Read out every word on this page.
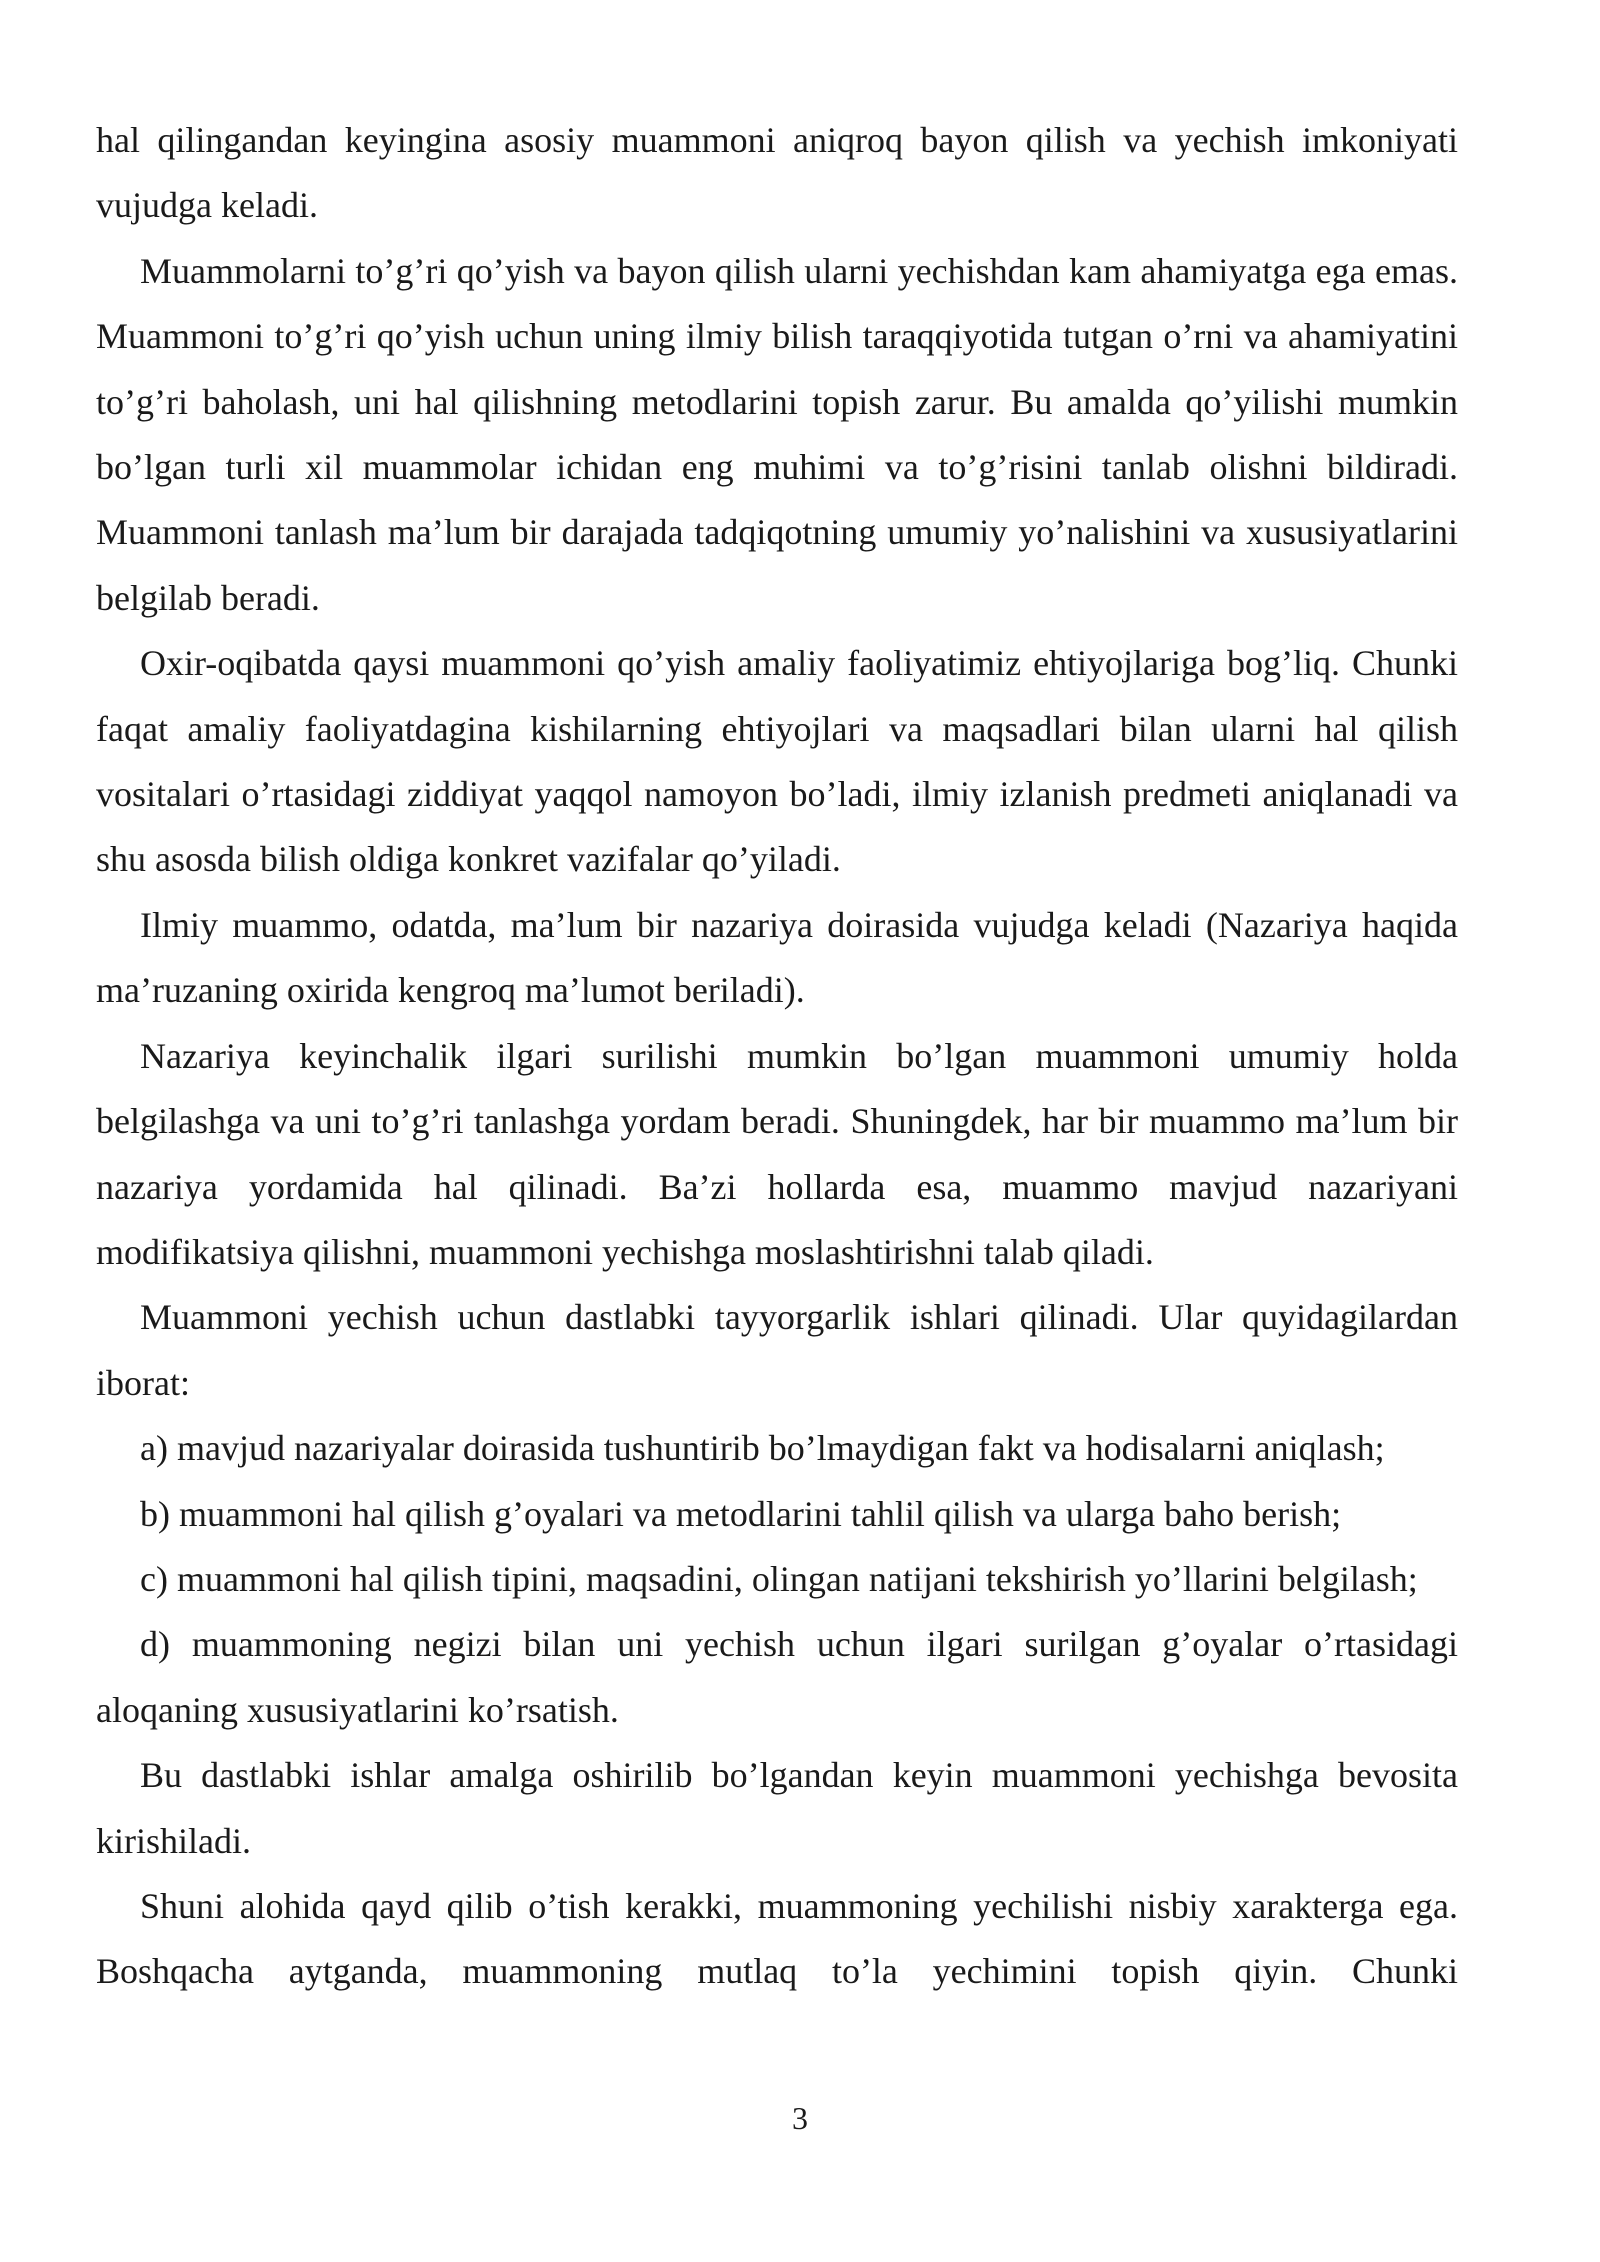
hal qilingandan keyingina asosiy muammoni aniqroq bayon qilish va yechish imkoniyati vujudga keladi.

Muammolarni to’g’ri qo’yish va bayon qilish ularni yechishdan kam ahamiyatga ega emas. Muammoni to’g’ri qo’yish uchun uning ilmiy bilish taraqqiyotida tutgan o’rni va ahamiyatini to’g’ri baholash, uni hal qilishning metodlarini topish zarur. Bu amalda qo’yilishi mumkin bo’lgan turli xil muammolar ichidan eng muhimi va to’g’risini tanlab olishni bildiradi. Muammoni tanlash ma’lum bir darajada tadqiqotning umumiy yo’nalishini va xususiyatlarini belgilab beradi.

Oxir-oqibatda qaysi muammoni qo’yish amaliy faoliyatimiz ehtiyojlariga bog’liq. Chunki faqat amaliy faoliyatdagina kishilarning ehtiyojlari va maqsadlari bilan ularni hal qilish vositalari o’rtasidagi ziddiyat yaqqol namoyon bo’ladi, ilmiy izlanish predmeti aniqlanadi va shu asosda bilish oldiga konkret vazifalar qo’yiladi.

Ilmiy muammo, odatda, ma’lum bir nazariya doirasida vujudga keladi (Nazariya haqida ma’ruzaning oxirida kengroq ma’lumot beriladi).

Nazariya keyinchalik ilgari surilishi mumkin bo’lgan muammoni umumiy holda belgilashga va uni to’g’ri tanlashga yordam beradi. Shuningdek, har bir muammo ma’lum bir nazariya yordamida hal qilinadi. Ba’zi hollarda esa, muammo mavjud nazariyani modifikatsiya qilishni, muammoni yechishga moslashtirishni talab qiladi.

Muammoni yechish uchun dastlabki tayyorgarlik ishlari qilinadi. Ular quyidagilardan iborat:

a) mavjud nazariyalar doirasida tushuntirib bo’lmaydigan fakt va hodisalarni aniqlash;

b) muammoni hal qilish g’oyalari va metodlarini tahlil qilish va ularga baho berish;

c) muammoni hal qilish tipini, maqsadini, olingan natijani tekshirish yo’llarini belgilash;

d) muammoning negizi bilan uni yechish uchun ilgari surilgan g’oyalar o’rtasidagi aloqaning xususiyatlarini ko’rsatish.

Bu dastlabki ishlar amalga oshirilib bo’lgandan keyin muammoni yechishga bevosita kirishiladi.

Shuni alohida qayd qilib o’tish kerakki, muammoning yechilishi nisbiy xarakterga ega. Boshqacha aytganda, muammoning mutlaq to’la yechimini topish qiyin. Chunki

3
